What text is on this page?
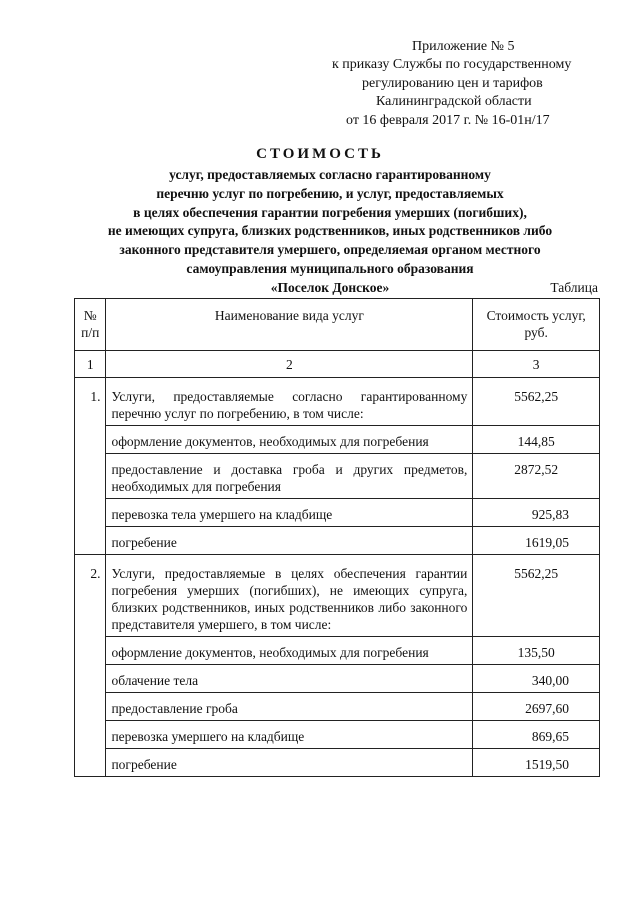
Приложение № 5
к приказу Службы по государственному
регулированию цен и тарифов
Калининградской области
от 16 февраля 2017 г. № 16-01н/17
СТОИМОСТЬ
услуг, предоставляемых согласно гарантированному
перечню услуг по погребению, и услуг, предоставляемых
в целях обеспечения гарантии погребения умерших (погибших),
не имеющих супруга, близких родственников, иных родственников либо
законного представителя умершего, определяемая органом местного
самоуправления муниципального образования
«Поселок Донское»	Таблица
№ п/п	Наименование вида услуг	Стоимость услуг, руб.
1	2	3
1.	Услуги, предоставляемые согласно гарантированному перечню услуг по погребению, в том числе:	5562,25
	оформление документов, необходимых для погребения	144,85
	предоставление и доставка гроба и других предметов, необходимых для погребения	2872,52
	перевозка тела умершего на кладбище	925,83
	погребение	1619,05
2.	Услуги, предоставляемые в целях обеспечения гарантии погребения умерших (погибших), не имеющих супруга, близких родственников, иных родственников либо законного представителя умершего, в том числе:	5562,25
	оформление документов, необходимых для погребения	135,50
	облачение тела	340,00
	предоставление гроба	2697,60
	перевозка умершего на кладбище	869,65
	погребение	1519,50
